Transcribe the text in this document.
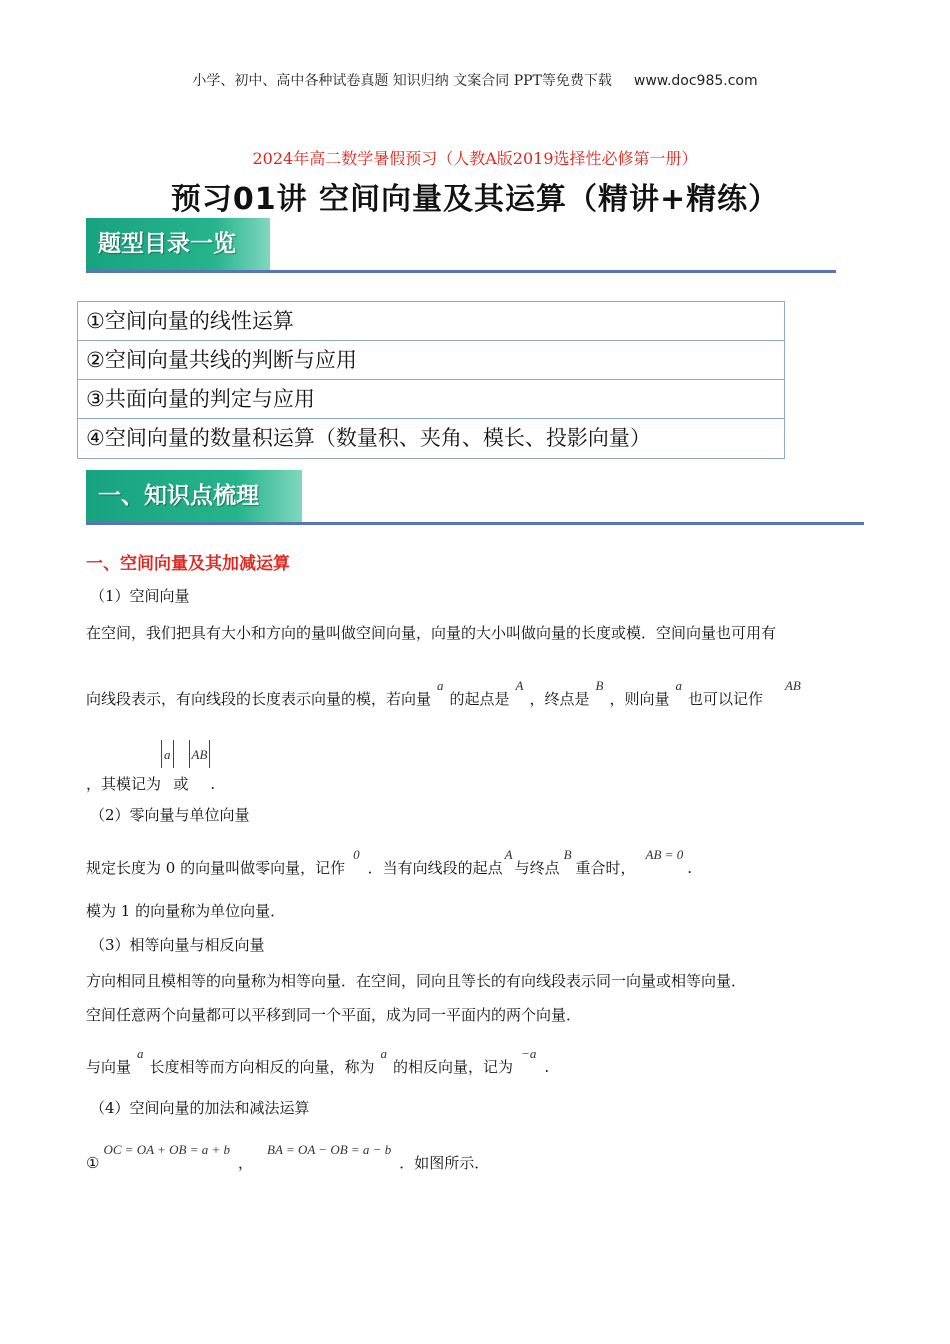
小学、初中、高中各种试卷真题 知识归纳 文案合同 PPT等免费下载 www.doc985.com
2024年高二数学暑假预习（人教A版2019选择性必修第一册）
预习01讲 空间向量及其运算（精讲+精练）
题型目录一览
①空间向量的线性运算
②空间向量共线的判断与应用
③共面向量的判定与应用
④空间向量的数量积运算（数量积、夹角、模长、投影向量）
一、知识点梳理
一、空间向量及其加减运算
（1）空间向量
在空间，我们把具有大小和方向的量叫做空间向量，向量的大小叫做向量的长度或模．空间向量也可用有
向线段表示，有向线段的长度表示向量的模，若向量a的起点是A，终点是B，则向量a也可以记作AB
，其模记为a或AB.
（2）零向量与单位向量
规定长度为 0 的向量叫做零向量，记作0．当有向线段的起点A与终点B重合时，AB = 0.
模为 1 的向量称为单位向量．
（3）相等向量与相反向量
方向相同且模相等的向量称为相等向量．在空间，同向且等长的有向线段表示同一向量或相等向量．
空间任意两个向量都可以平移到同一个平面，成为同一平面内的两个向量．
与向量a长度相等而方向相反的向量，称为a的相反向量，记为−a.
（4）空间向量的加法和减法运算
①OC = OA + OB = a + b，BA = OA − OB = a − b．如图所示．
